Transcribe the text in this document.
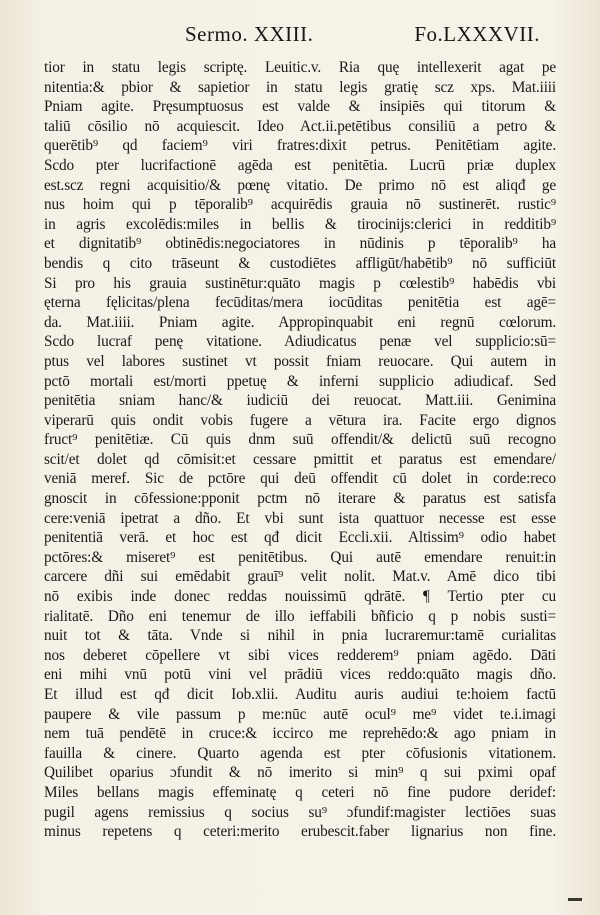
Sermo. XXIII.	Fo.LXXXVII.
tior in statu legis scriptę. Leuitic.v. Ria quę intellexerit agat pe
nitentia:& pbior & sapietior in statu legis gratię scz xps. Mat.iiii
Pniam agite. Pręsumptuosus est valde & insipiēs qui titorum &
taliū cōsilio nō acquiescit. Ideo Act.ii.petētibus consiliū a petro &
querētib⁹ qd faciem⁹ viri fratres:dixit petrus. Penitētiam agite.
Scdo pter lucrifactionē agēda est penitētia. Lucrū priæ duplex
est.scz regni acquisitio/& pœnę vitatio. De primo nō est aliqđ ge
nus hoim qui p tēporalib⁹ acquirēdis grauia nō sustinerēt. rustic⁹
in agris excolēdis:miles in bellis & tirocinijs:clerici in redditib⁹
et dignitatib⁹ obtinēdis:negociatores in nūdinis p tēporalib⁹ ha
bendis q cito trāseunt & custodiētes affligūt/habētib⁹ nō sufficiūt
Si pro his grauia sustinētur:quāto magis p cœlestib⁹ habēdis vbi
ęterna fęlicitas/plena fecūditas/mera iocūditas penitētia est agē=
da. Mat.iiii. Pniam agite. Appropinquabit eni regnū cœlorum.
Scdo lucraf penę vitatione. Adiudicatus penæ vel supplicio:sū=
ptus vel labores sustinet vt possit fniam reuocare. Qui autem in
pctō mortali est/morti ppetuę & inferni supplicio adiudicaf. Sed
penitētia sniam hanc/& iudiciū dei reuocat. Matt.iii. Genimina
viperarū quis ondit vobis fugere a vētura ira. Facite ergo dignos
fruct⁹ penitētiæ. Cū quis dnm suū offendit/& delictū suū recogno
scit/et dolet qd cōmisit:et cessare pmittit et paratus est emendare/
veniā meref. Sic de pctōre qui deū offendit cū dolet in corde:reco
gnoscit in cōfessione:pponit pctm nō iterare & paratus est satisfa
cere:veniā ipetrat a dño. Et vbi sunt ista quattuor necesse est esse
penitentiā verā. et hoc est qđ dicit Eccli.xii. Altissim⁹ odio habet
pctōres:& miseret⁹ est penitētibus. Qui autē emendare renuit:in
carcere dñi sui emēdabit grauī⁹ velit nolit. Mat.v. Amē dico tibi
nō exibis inde donec reddas nouissimū qdrātē. ¶ Tertio pter cu
rialitatē. Dño eni tenemur de illo ieffabili bñficio q p nobis susti=
nuit tot & tāta. Vnde si nihil in pnia lucraremur:tamē curialitas
nos deberet cōpellere vt sibi vices redderem⁹ pniam agēdo. Dāti
eni mihi vnū potū vini vel prādiū vices reddo:quāto magis dño.
Et illud est qđ dicit Iob.xlii. Auditu auris audiui te:hoiem factū
paupere & vile passum p me:nūc autē ocul⁹ me⁹ videt te.i.imagi
nem tuā pendētē in cruce:& iccirco me reprehēdo:& ago pniam in
fauilla & cinere. Quarto agenda est pter cōfusionis vitationem.
Quilibet oparius ɔfundit & nō imerito si min⁹ q sui pximi opaf
Miles bellans magis effeminatę q ceteri nō fine pudore deridef:
pugil agens remissius q socius su⁹ ɔfundif:magister lectiōes suas
minus repetens q ceteri:merito erubescit.faber lignarius non fine.
